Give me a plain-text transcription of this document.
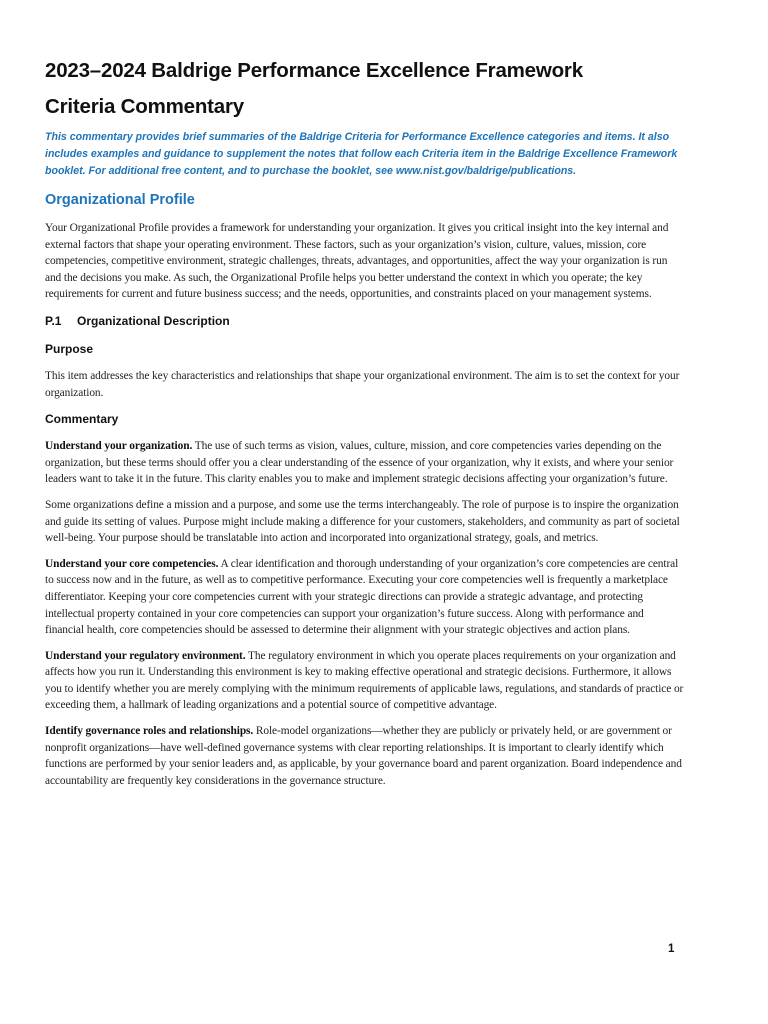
2023–2024 Baldrige Performance Excellence Framework
Criteria Commentary

This commentary provides brief summaries of the Baldrige Criteria for Performance Excellence categories and items. It also includes examples and guidance to supplement the notes that follow each Criteria item in the Baldrige Excellence Framework booklet. For additional free content, and to purchase the booklet, see www.nist.gov/baldrige/publications.

Organizational Profile

Your Organizational Profile provides a framework for understanding your organization. It gives you critical insight into the key internal and external factors that shape your operating environment. These factors, such as your organization’s vision, culture, values, mission, core competencies, competitive environment, strategic challenges, threats, advantages, and opportunities, affect the way your organization is run and the decisions you make. As such, the Organizational Profile helps you better understand the context in which you operate; the key requirements for current and future business success; and the needs, opportunities, and constraints placed on your management systems.

P.1 Organizational Description
Purpose

This item addresses the key characteristics and relationships that shape your organizational environment. The aim is to set the context for your organization.

Commentary

Understand your organization. The use of such terms as vision, values, culture, mission, and core competencies varies depending on the organization, but these terms should offer you a clear understanding of the essence of your organization, why it exists, and where your senior leaders want to take it in the future. This clarity enables you to make and implement strategic decisions affecting your organization’s future.

Some organizations define a mission and a purpose, and some use the terms interchangeably. The role of purpose is to inspire the organization and guide its setting of values. Purpose might include making a difference for your customers, stakeholders, and community as part of societal well-being. Your purpose should be translatable into action and incorporated into organizational strategy, goals, and metrics.

Understand your core competencies. A clear identification and thorough understanding of your organization’s core competencies are central to success now and in the future, as well as to competitive performance. Executing your core competencies well is frequently a marketplace differentiator. Keeping your core competencies current with your strategic directions can provide a strategic advantage, and protecting intellectual property contained in your core competencies can support your organization’s future success. Along with performance and financial health, core competencies should be assessed to determine their alignment with your strategic objectives and action plans.

Understand your regulatory environment. The regulatory environment in which you operate places requirements on your organization and affects how you run it. Understanding this environment is key to making effective operational and strategic decisions. Furthermore, it allows you to identify whether you are merely complying with the minimum requirements of applicable laws, regulations, and standards of practice or exceeding them, a hallmark of leading organizations and a potential source of competitive advantage.

Identify governance roles and relationships. Role-model organizations—whether they are publicly or privately held, or are government or nonprofit organizations—have well-defined governance systems with clear reporting relationships. It is important to clearly identify which functions are performed by your senior leaders and, as applicable, by your governance board and parent organization. Board independence and accountability are frequently key considerations in the governance structure.

1
